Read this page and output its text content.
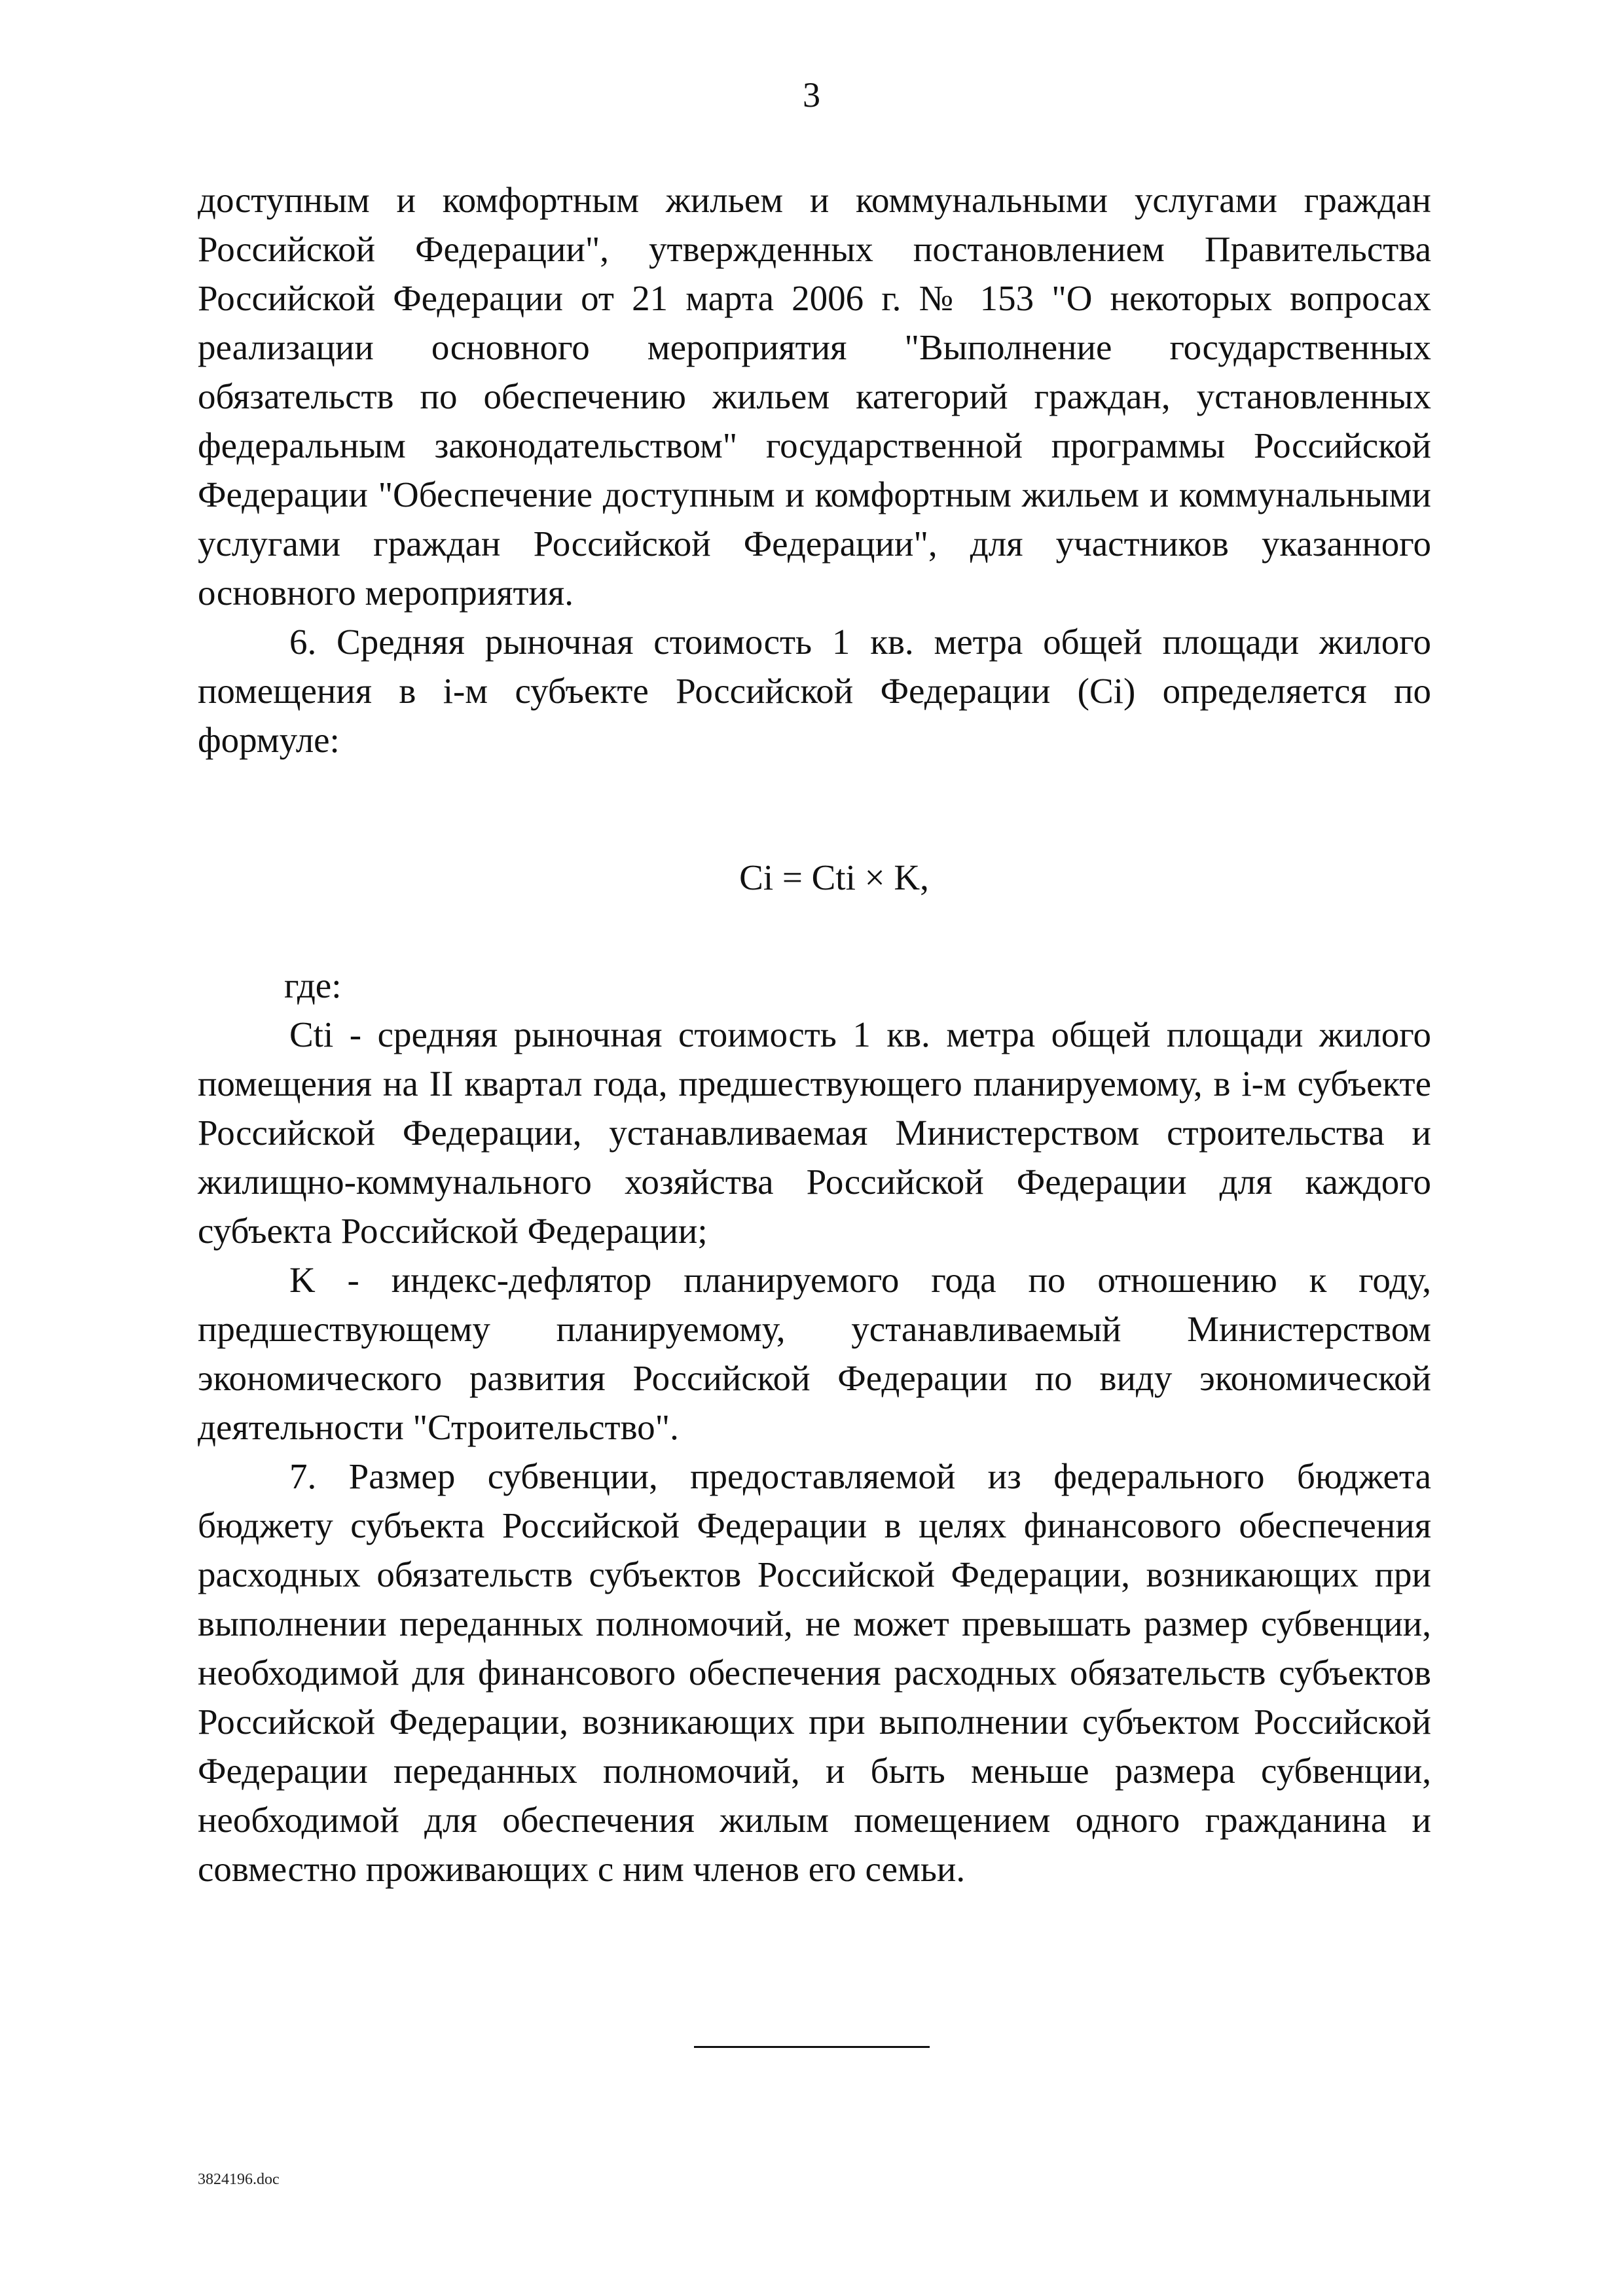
3

доступным и комфортным жильем и коммунальными услугами граждан Российской Федерации", утвержденных постановлением Правительства Российской Федерации от 21 марта 2006 г. № 153 "О некоторых вопросах реализации основного мероприятия "Выполнение государственных обязательств по обеспечению жильем категорий граждан, установленных федеральным законодательством" государственной программы Российской Федерации "Обеспечение доступным и комфортным жильем и коммунальными услугами граждан Российской Федерации", для участников указанного основного мероприятия.

6. Средняя рыночная стоимость 1 кв. метра общей площади жилого помещения в i-м субъекте Российской Федерации (Ci) определяется по формуле:

Ci = Cti × K,

где:

Cti - средняя рыночная стоимость 1 кв. метра общей площади жилого помещения на II квартал года, предшествующего планируемому, в i-м субъекте Российской Федерации, устанавливаемая Министерством строительства и жилищно-коммунального хозяйства Российской Федерации для каждого субъекта Российской Федерации;

K - индекс-дефлятор планируемого года по отношению к году, предшествующему планируемому, устанавливаемый Министерством экономического развития Российской Федерации по виду экономической деятельности "Строительство".

7. Размер субвенции, предоставляемой из федерального бюджета бюджету субъекта Российской Федерации в целях финансового обеспечения расходных обязательств субъектов Российской Федерации, возникающих при выполнении переданных полномочий, не может превышать размер субвенции, необходимой для финансового обеспечения расходных обязательств субъектов Российской Федерации, возникающих при выполнении субъектом Российской Федерации переданных полномочий, и быть меньше размера субвенции, необходимой для обеспечения жилым помещением одного гражданина и совместно проживающих с ним членов его семьи.

3824196.doc
